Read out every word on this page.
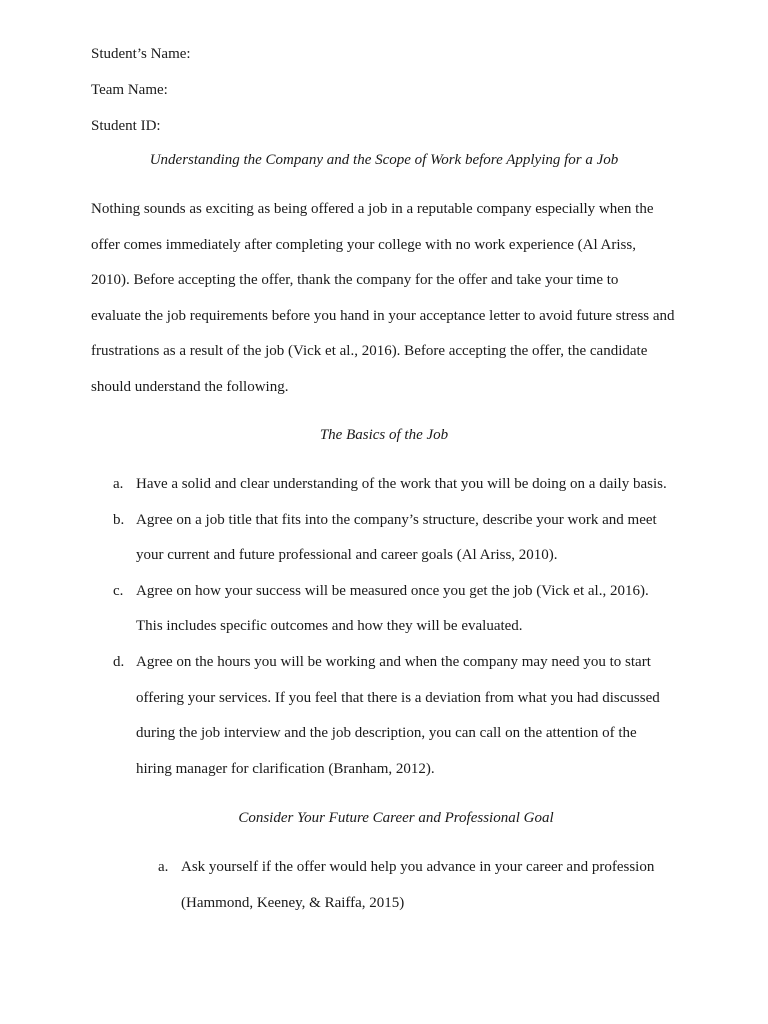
Student’s Name:
Team Name:
Student ID:
Understanding the Company and the Scope of Work before Applying for a Job

Nothing sounds as exciting as being offered a job in a reputable company especially when the
offer comes immediately after completing your college with no work experience (Al Ariss,
2010). Before accepting the offer, thank the company for the offer and take your time to
evaluate the job requirements before you hand in your acceptance letter to avoid future stress and
frustrations as a result of the job (Vick et al., 2016). Before accepting the offer, the candidate
should understand the following.

The Basics of the Job
a. Have a solid and clear understanding of the work that you will be doing on a daily basis.
b. Agree on a job title that fits into the company’s structure, describe your work and meet
your current and future professional and career goals (Al Ariss, 2010).
c. Agree on how your success will be measured once you get the job (Vick et al., 2016).
This includes specific outcomes and how they will be evaluated.
d. Agree on the hours you will be working and when the company may need you to start
offering your services. If you feel that there is a deviation from what you had discussed
during the job interview and the job description, you can call on the attention of the
hiring manager for clarification (Branham, 2012).
Consider Your Future Career and Professional Goal
a. Ask yourself if the offer would help you advance in your career and profession
(Hammond, Keeney, & Raiffa, 2015)
